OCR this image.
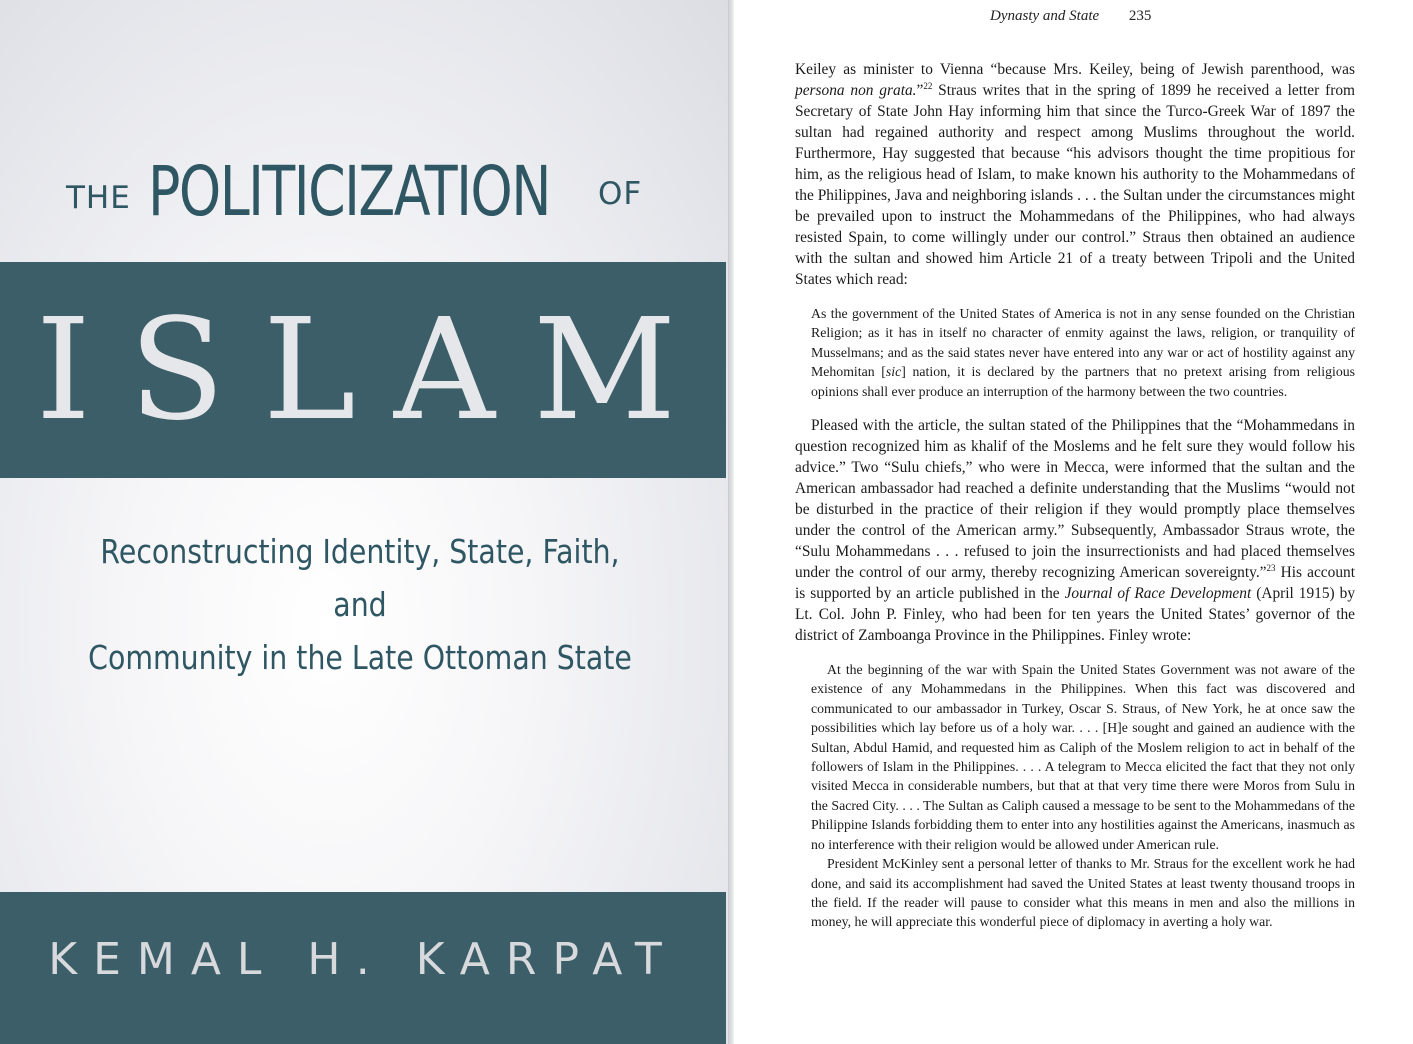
THE POLITICIZATION OF
ISLAM
Reconstructing Identity, State, Faith, and
Community in the Late Ottoman State
KEMAL H. KARPAT
Dynasty and State 235

Keiley as minister to Vienna “because Mrs. Keiley, being of Jewish parenthood, was persona non grata.”$^{22}$ Straus writes that in the spring of 1899 he received a letter from Secretary of State John Hay informing him that since the Turco-Greek War of 1897 the sultan had regained authority and respect among Muslims throughout the world. Furthermore, Hay suggested that because “his advisors thought the time propitious for him, as the religious head of Islam, to make known his authority to the Mohammedans of the Philippines, Java and neighboring islands . . . the Sultan under the circumstances might be prevailed upon to instruct the Mohammedans of the Philippines, who had always resisted Spain, to come willingly under our control.” Straus then obtained an audience with the sultan and showed him Article 21 of a treaty between Tripoli and the United States which read:

As the government of the United States of America is not in any sense founded on the Christian Religion; as it has in itself no character of enmity against the laws, religion, or tranquility of Musselmans; and as the said states never have entered into any war or act of hostility against any Mehomitan [sic] nation, it is declared by the partners that no pretext arising from religious opinions shall ever produce an interruption of the harmony between the two countries.

Pleased with the article, the sultan stated of the Philippines that the “Mohammedans in question recognized him as khalif of the Moslems and he felt sure they would follow his advice.” Two “Sulu chiefs,” who were in Mecca, were informed that the sultan and the American ambassador had reached a definite understanding that the Muslims “would not be disturbed in the practice of their religion if they would promptly place themselves under the control of the American army.” Subsequently, Ambassador Straus wrote, the “Sulu Mohammedans . . . refused to join the insurrectionists and had placed themselves under the control of our army, thereby recognizing American sovereignty.”$^{23}$ His account is supported by an article published in the Journal of Race Development (April 1915) by Lt. Col. John P. Finley, who had been for ten years the United States’ governor of the district of Zamboanga Province in the Philippines. Finley wrote:

At the beginning of the war with Spain the United States Government was not aware of the existence of any Mohammedans in the Philippines. When this fact was discovered and communicated to our ambassador in Turkey, Oscar S. Straus, of New York, he at once saw the possibilities which lay before us of a holy war. . . . [H]e sought and gained an audience with the Sultan, Abdul Hamid, and requested him as Caliph of the Moslem religion to act in behalf of the followers of Islam in the Philippines. . . . A telegram to Mecca elicited the fact that they not only visited Mecca in considerable numbers, but that at that very time there were Moros from Sulu in the Sacred City. . . . The Sultan as Caliph caused a message to be sent to the Mohammedans of the Philippine Islands forbidding them to enter into any hostilities against the Americans, inasmuch as no interference with their religion would be allowed under American rule.

President McKinley sent a personal letter of thanks to Mr. Straus for the excellent work he had done, and said its accomplishment had saved the United States at least twenty thousand troops in the field. If the reader will pause to consider what this means in men and also the millions in money, he will appreciate this wonderful piece of diplomacy in averting a holy war.
